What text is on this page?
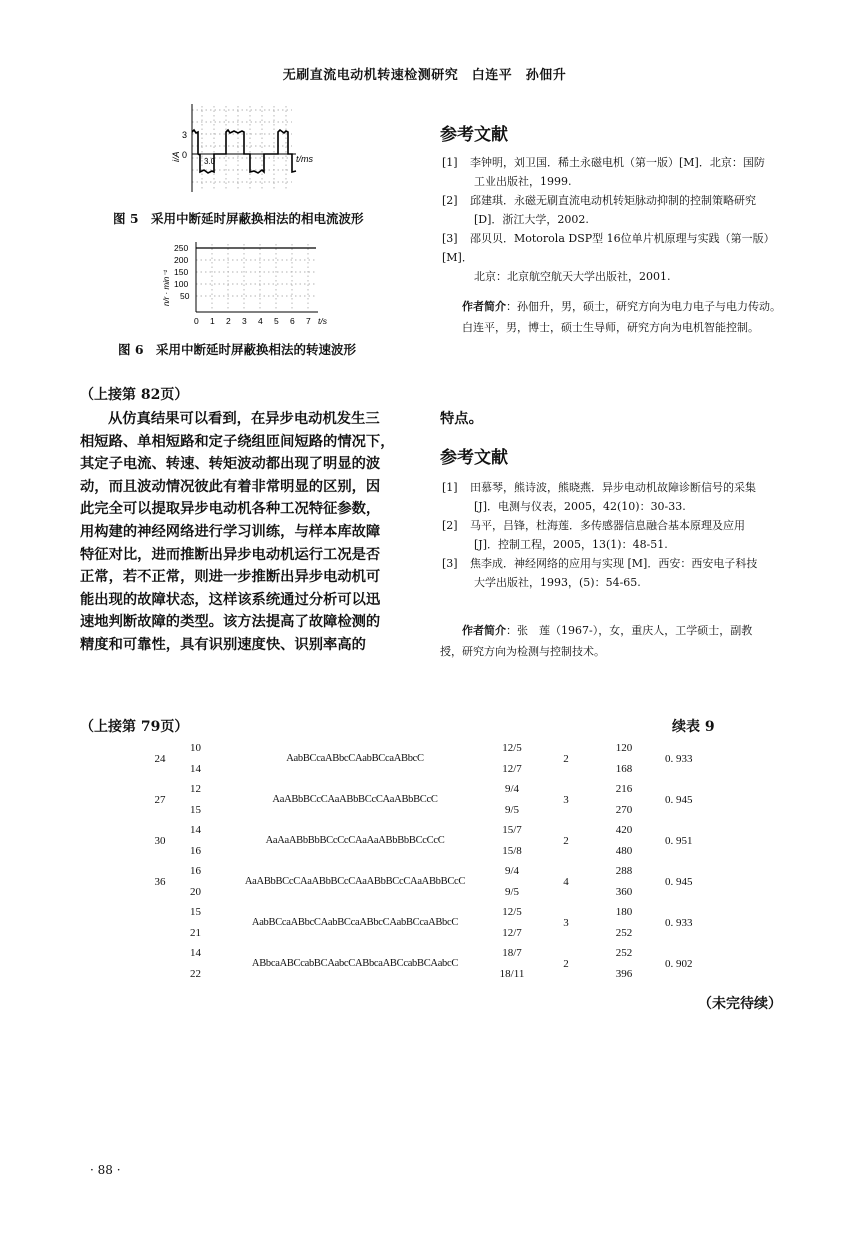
无刷直流电动机转速检测研究　白连平　孙佃升
3
0
3.0	t/ms
i/A
图 5　采用中断延时屏蔽换相法的相电流波形
250
200
150
100
50
0 1 2 3 4 5 6 7 t/s
n/r · min⁻¹
图 6　采用中断延时屏蔽换相法的转速波形
参考文献
[1] 李钟明，刘卫国．稀土永磁电机（第一版）[M]．北京：国防
工业出版社，1999.
[2] 邱建琪．永磁无刷直流电动机转矩脉动抑制的控制策略研究
[D]．浙江大学，2002.
[3] 邵贝贝．Motorola DSP型 16位单片机原理与实践（第一版）[M]．
北京：北京航空航天大学出版社，2001.
作者简介：孙佃升，男，硕士，研究方向为电力电子与电力传动。
白连平，男，博士，硕士生导师，研究方向为电机智能控制。
（上接第 82页）
从仿真结果可以看到，在异步电动机发生三
相短路、单相短路和定子绕组匝间短路的情况下，
其定子电流、转速、转矩波动都出现了明显的波
动，而且波动情况彼此有着非常明显的区别，因
此完全可以提取异步电动机各种工况特征参数，
用构建的神经网络进行学习训练，与样本库故障
特征对比，进而推断出异步电动机运行工况是否
正常，若不正常，则进一步推断出异步电动机可
能出现的故障状态，这样该系统通过分析可以迅
速地判断故障的类型。该方法提高了故障检测的
精度和可靠性，具有识别速度快、识别率高的
特点。
参考文献
[1] 田慕琴，熊诗波，熊晓燕．异步电动机故障诊断信号的采集
[J]．电测与仪表，2005，42(10)：30-33.
[2] 马平，吕锋，杜海莲．多传感器信息融合基本原理及应用
[J]．控制工程，2005，13(1)：48-51.
[3] 焦李成．神经网络的应用与实现 [M]．西安：西安电子科技
大学出版社，1993，(5)：54-65.
作者简介：张　莲（1967-），女，重庆人，工学硕士，副教
授，研究方向为检测与控制技术。
（上接第 79页）	续表 9
24
10
14
AabBCcaABbcCAabBCcaABbcC
12/5
12/7
2
120
168
0. 933
27
12
15
AaABbBCcCAaABbBCcCAaABbBCcC
9/4
9/5
3
216
270
0. 945
30
14
16
AaAaABbBbBCcCcCAaAaABbBbBCcCcC
15/7
15/8
2
420
480
0. 951
36
16
20
AaABbBCcCAaABbBCcCAaABbBCcCAaABbBCcC
9/4
9/5
4
288
360
0. 945
15
21
AabBCcaABbcCAabBCcaABbcCAabBCcaABbcC
12/5
12/7
3
180
252
0. 933
14
22
ABbcaABCcabBCAabcCABbcaABCcabBCAabcC
18/7
18/11
2
252
396
0. 902
（未完待续）
· 88 ·
